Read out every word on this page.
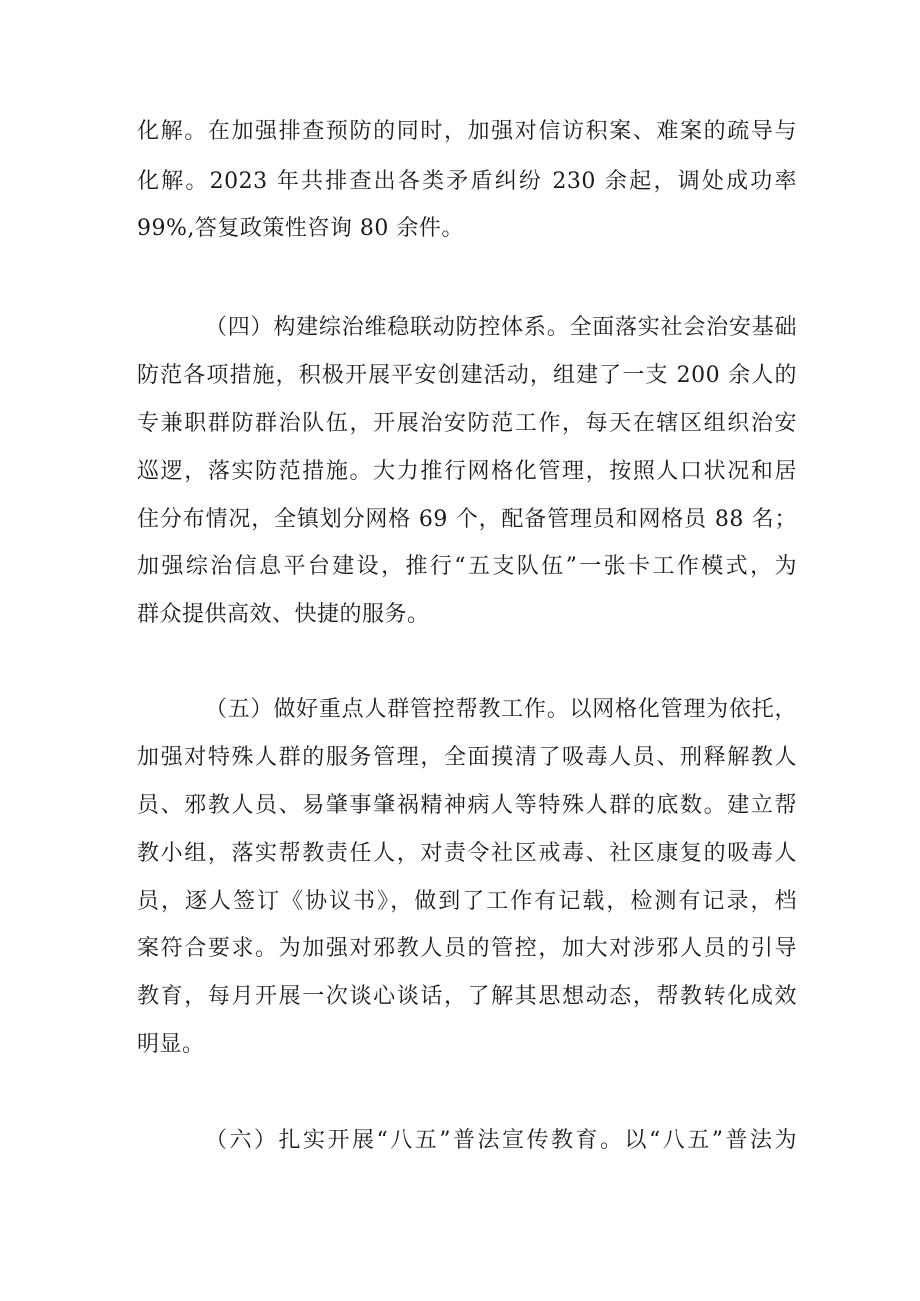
化解。在加强排查预防的同时，加强对信访积案、难案的疏导与
化解。2023 年共排查出各类矛盾纠纷 230 余起，调处成功率
99%,答复政策性咨询 80 余件。
（四）构建综治维稳联动防控体系。全面落实社会治安基础
防范各项措施，积极开展平安创建活动，组建了一支 200 余人的
专兼职群防群治队伍，开展治安防范工作，每天在辖区组织治安
巡逻，落实防范措施。大力推行网格化管理，按照人口状况和居
住分布情况，全镇划分网格 69 个，配备管理员和网格员 88 名；
加强综治信息平台建设，推行“五支队伍”一张卡工作模式，为
群众提供高效、快捷的服务。
（五）做好重点人群管控帮教工作。以网格化管理为依托，
加强对特殊人群的服务管理，全面摸清了吸毒人员、刑释解教人
员、邪教人员、易肇事肇祸精神病人等特殊人群的底数。建立帮
教小组，落实帮教责任人，对责令社区戒毒、社区康复的吸毒人
员，逐人签订《协议书》，做到了工作有记载，检测有记录，档
案符合要求。为加强对邪教人员的管控，加大对涉邪人员的引导
教育，每月开展一次谈心谈话，了解其思想动态，帮教转化成效
明显。
（六）扎实开展“八五”普法宣传教育。以“八五”普法为
